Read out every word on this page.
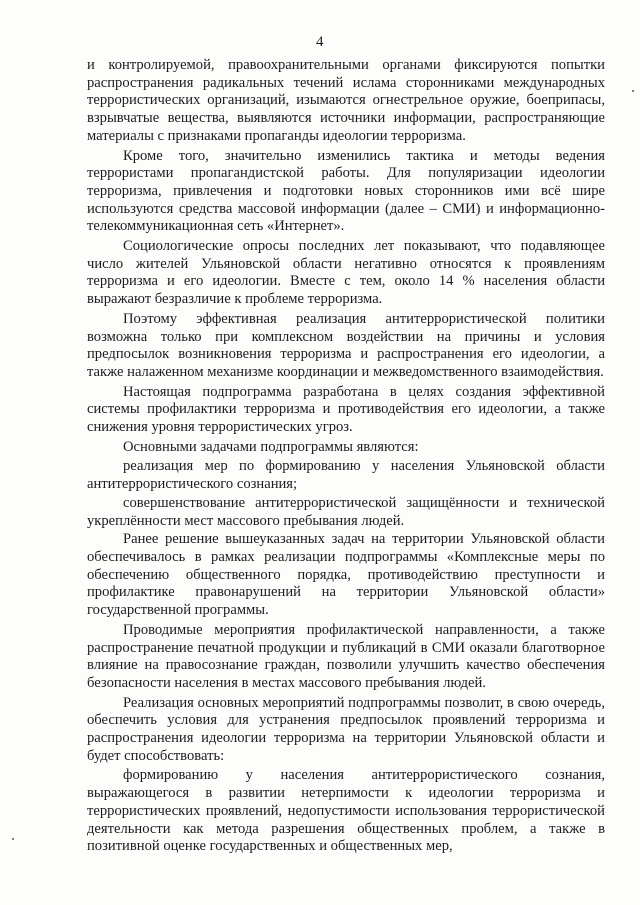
4

и контролируемой, правоохранительными органами фиксируются попытки распространения радикальных течений ислама сторонниками международных террористических организаций, изымаются огнестрельное оружие, боеприпасы, взрывчатые вещества, выявляются источники информации, распространяющие материалы с признаками пропаганды идеологии терроризма.

Кроме того, значительно изменились тактика и методы ведения террористами пропагандистской работы. Для популяризации идеологии терроризма, привлечения и подготовки новых сторонников ими всё шире используются средства массовой информации (далее – СМИ) и информационно-телекоммуникационная сеть «Интернет».

Социологические опросы последних лет показывают, что подавляющее число жителей Ульяновской области негативно относятся к проявлениям терроризма и его идеологии. Вместе с тем, около 14 % населения области выражают безразличие к проблеме терроризма.

Поэтому эффективная реализация антитеррористической политики возможна только при комплексном воздействии на причины и условия предпосылок возникновения терроризма и распространения его идеологии, а также налаженном механизме координации и межведомственного взаимодействия.

Настоящая подпрограмма разработана в целях создания эффективной системы профилактики терроризма и противодействия его идеологии, а также снижения уровня террористических угроз.

Основными задачами подпрограммы являются:

реализация мер по формированию у населения Ульяновской области антитеррористического сознания;

совершенствование антитеррористической защищённости и технической укреплённости мест массового пребывания людей.

Ранее решение вышеуказанных задач на территории Ульяновской области обеспечивалось в рамках реализации подпрограммы «Комплексные меры по обеспечению общественного порядка, противодействию преступности и профилактике правонарушений на территории Ульяновской области» государственной программы.

Проводимые мероприятия профилактической направленности, а также распространение печатной продукции и публикаций в СМИ оказали благотворное влияние на правосознание граждан, позволили улучшить качество обеспечения безопасности населения в местах массового пребывания людей.

Реализация основных мероприятий подпрограммы позволит, в свою очередь, обеспечить условия для устранения предпосылок проявлений терроризма и распространения идеологии терроризма на территории Ульяновской области и будет способствовать:

формированию у населения антитеррористического сознания, выражающегося в развитии нетерпимости к идеологии терроризма и террористических проявлений, недопустимости использования террористической деятельности как метода разрешения общественных проблем, а также в позитивной оценке государственных и общественных мер,
